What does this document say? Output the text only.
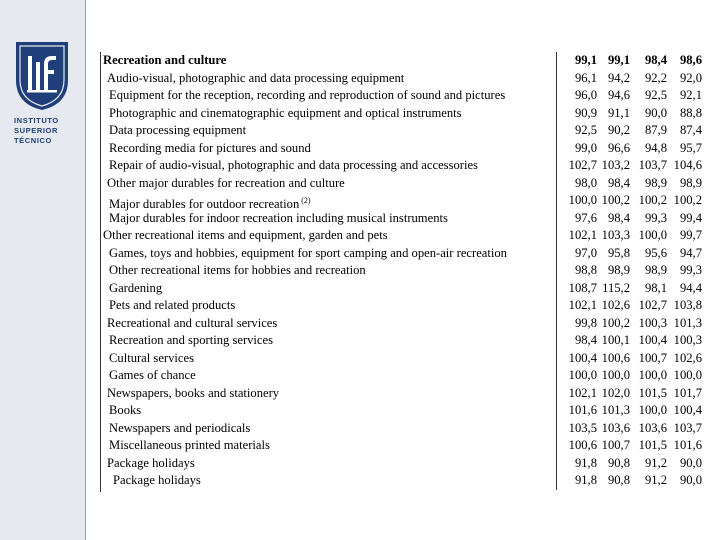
INSTITUTO
SUPERIOR
TÉCNICO
Recreation and culture	99,1 99,1	98,4	98,6
Audio-visual, photographic and data processing equipment	96,1 94,2	92,2	92,0
Equipment for the reception, recording and reproduction of sound and pictures	96,0 94,6	92,5	92,1
Photographic and cinematographic equipment and optical instruments	90,9 91,1	90,0	88,8
Data processing equipment	92,5 90,2	87,9	87,4
Recording media for pictures and sound	99,0 96,6	94,8	95,7
Repair of audio-visual, photographic and data processing and accessories	102,7 103,2 103,7 104,6
Other major durables for recreation and culture	98,0 98,4	98,9	98,9
Major durables for outdoor recreation $^{(2)}$	100,0 100,2 100,2 100,2
Major durables for indoor recreation including musical instruments	97,6 98,4	99,3	99,4
Other recreational items and equipment, garden and pets	102,1 103,3 100,0	99,7
Games, toys and hobbies, equipment for sport camping and open-air recreation	97,0 95,8	95,6	94,7
Other recreational items for hobbies and recreation	98,8 98,9	98,9	99,3
Gardening	108,7 115,2	98,1	94,4
Pets and related products	102,1 102,6 102,7 103,8
Recreational and cultural services	99,8 100,2 100,3 101,3
Recreation and sporting services	98,4 100,1 100,4 100,3
Cultural services	100,4 100,6 100,7 102,6
Games of chance	100,0 100,0 100,0 100,0
Newspapers, books and stationery	102,1 102,0 101,5 101,7
Books	101,6 101,3 100,0 100,4
Newspapers and periodicals	103,5 103,6 103,6 103,7
Miscellaneous printed materials	100,6 100,7 101,5 101,6
Package holidays	91,8 90,8	91,2	90,0
Package holidays	91,8 90,8	91,2	90,0
